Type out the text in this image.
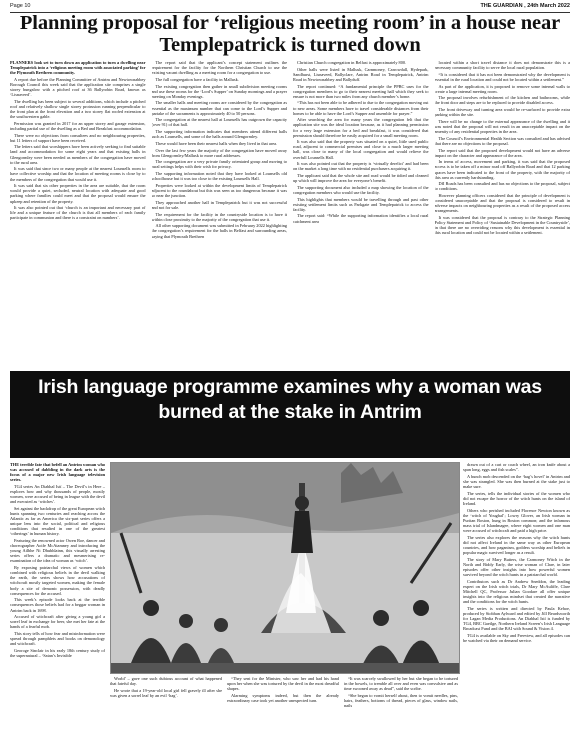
Page 10	THE GUARDIAN , 24th March 2022
Planning proposal for ‘religious meeting room’ in a house near Templepatrick is turned down

PLANNERS look set to turn down an application to turn a dwelling near Templepatrick into a ‘religious meeting room with associated parking’ for the Plymouth Brethren community.

A report due before the Planning Committee of Antrim and Newtownabbey Borough Council this week said that the application site comprises a single storey bungalow with a pitched roof at 36 Ballyrobin Road, known as ‘Lisnaveed’.

The dwelling has been subject to several additions, which include a pitched roof and relatively shallow single storey protrusion running perpendicular to the front plan at the front elevation and a two storey flat roofed extension at the southwestern gable.

Permission was granted in 2017 for an upper storey and garage extension, including partial use of the dwelling as a Bed and Breakfast accommodation.

There were no objections from consultees and no neighbouring properties, but 11 letters of support have been received.

The letters said that worshippers have been actively seeking to find suitable land and accommodation for some eight years and that existing halls in Glengormley were been needed as members of the congregation have moved to the rural area.

It was said that since two or many people at the nearest Lounsells room to have collective worship and that the location of meeting rooms is close by to the members of the congregation that would use it.

It was said that six other properties in the area are suitable, that the room would provide a quiet, secluded, neutral location with adequate and good parking where families could meet and that the proposal would ensure the upkeep and retention of the property.

It was also pointed out that ‘church is an important and necessary part of life and a unique feature of the church is that all members of each family participate in communion and there is a constraint on numbers’.

The report said that the applicant’s concept statement outlines the requirement for the facility for the Northern Christian Church to use the existing vacant dwelling as a meeting room for a congregation to use.

The full congregation have a facility in Mallusk.

The existing congregation then gather in small subdivision meeting rooms and use these rooms for the ‘Lord’s Supper’ on Sunday mornings and a prayer meeting on Monday evenings.

The smaller halls and meeting rooms are considered by the congregation as essential as the maximum number that can come to the Lord’s Supper and partake of the sacraments is approximately 40 to 50 persons.

The congregation at the nearest hall at Lounsells has outgrown the capacity (over 91) of that hall.

The supporting information indicates that members attend different halls such as Lounsells, and some of the halls around Glengormley.

These would have been their nearest halls when they lived in that area.

Over the last few years the majority of the congregation have moved away from Glengormley/Mallusk to more rural addresses.

The congregation are a very private family orientated group and moving to rural settings helps with their wish for privacy.

The supporting information noted that they have looked at Lounsells old schoolhouse but it was too close to the existing Lounsells Hall.

Properties were looked at within the development limits of Templepatrick adjacent to the roundabout but this was seen as too dangerous because it was so near the junction.

They approached another hall in Templepatrick but it was not successful and not for sale.

The requirement for the facility in the countryside location is to have it within close proximity to the majority of the congregation that use it.

All other supporting document was submitted in February 2022 highlighting the congregation’s requirement for the halls in Belfast and surrounding areas, saying that Plymouth Brethren

Christian Church congregation in Belfast is approximately 800.

Other halls were listed in Mallusk, Carnmoney, Carrowdall, Hydepark, Sandhurst, Lisnaveed, Ballyclare, Antrim Road in Templepatrick, Antrim Road in Newtownabbey and Ballyduff.

The report continued: “A fundamental principle the PPBC uses for the congregation members to go to their nearest meeting hall which they seek to ensure is not more than two miles from any church member’s home.

“This has not been able to be adhered to due to the congregation moving out to new areas. Some members have to travel considerable distances from their homes to be able to have the Lord’s Supper and assemble for prayer.”

After searching the area for many years the congregation felt that the application site was the ideal location because, as it had planning permission for a very large extension for a bed and breakfast, it was considered that permission should therefore be easily acquired for a small meeting room.

It was also said that the property was situated on a quiet, little used public road, adjacent to commercial premises and close to a much larger meeting hall, was close to many of the local congregation and would relieve the overfull Lounsells Hall.

It was also pointed out that the property is ‘virtually derelict’ and had been on the market a long time with no residential purchasers acquiring it.

The applicant said that the whole site and road would be tidied and cleaned up which will improve the area for everyone’s benefit.

The supporting document also included a map showing the location of the congregation members who would use the facility.

This highlights that members would be travelling through and past other existing settlement limits such as Parkgate and Templepatrick to access the facility.

The report said: “While the supporting information identifies a local rural catchment area

located within a short travel distance it does not demonstrate this is a necessary community facility to serve the local rural population.

“It is considered that it has not been demonstrated why the development is essential in the rural location and could not be located within a settlement.”

As part of the application, it is proposed to remove some internal walls to create a large internal meeting room.

The proposal involves refurbishment of the kitchen and bathrooms, while the front door and steps are to be replaced to provide disabled access.

The front driveway and turning area would be re-surfaced to provide extra parking within the site.

There will be no change to the external appearance of the dwelling and it was noted that the proposal will not result in an unacceptable impact on the amenity of any residential properties in the area.

The Council’s Environmental Health Section was consulted and has advised that there are no objections to the proposal.

The report said that the proposed development would not have an adverse impact on the character and appearance of the area.

In terms of access, movement and parking, it was said that the proposed access is to be taken off a minor road off Ballyrobin Road and that 12 parking spaces have been indicated to the front of the property, with the majority of this area as currently hardstanding.

DfI Roads has been consulted and has no objections to the proposal, subject to conditions.

However planning officers considered that the principle of development is considered unacceptable and that the proposal is considered to result in adverse impacts on neighbouring properties as a result of the proposed access arrangements.

It was considered that the proposal is contrary to the Strategic Planning Policy Statement and Policy of ‘Sustainable Development in the Countryside’, in that there are no overriding reasons why this development is essential in this rural location and could not be located within a settlement.

Irish language programme examines why a woman was burned at the stake in Antrim

THE terrible fate that befell an Antrim woman who was accused of dabbling in the dark arts is the focus of a major new Irish language television series.

TG4 series An Diabhal Istí – The Devil’s in Here – explores how and why thousands of people, mostly women, were accused of being in league with the devil and executed as ‘witches’.

Set against the backdrop of the great European witch hunts spanning two centuries and reaching across the Atlantic as far as America the six-part series offers a unique lens into the social, political and religious conditions that resulted in one of the greatest ‘otherings’ in human history.

Featuring the renowned actor Owen Roe, dancer and choreographer Aoife McAtamney and introducing the young Ailbhe Ni Dhubhlainn, this visually arresting series offers a dramatic and mesmerising re-examination of the idea of woman as ‘witch’.

By exposing patriarchal views of women which combined with religious beliefs in the devil walking the earth, the series shows how accusations of witchcraft mostly targeted women, making the female body a site of demonic possession, with deadly consequences for the accused.

This week’s episode looks back at the terrible consequences those beliefs had for a beggar woman in Antrim back in 1698.

Accused of witchcraft after giving a young girl a sorrel leaf in exchange for beer, she met her fate at the hands of a fearful mob.

This story tells of how fear and misinformation were spread through pamphlets and books on demonology and witchcraft.

Georoge Sinclair in his early 18th century study of the supernatural – ‘Satan’s Invisible

World’ – gave one such dubious account of what happened that fateful day.

He wrote that a 19-year-old local girl fell gravely ill after she was given a sorrel leaf by an evil ‘hag’.

“They sent for the Minister, who saw her and had his hand upon her when she was tortured by the devil in the most dreadful shapes.

Alarming symptoms indeed, but then the already extraordinary case took yet another unexpected turn.

“It was scarcely swallowed by her but she began to be tortured in the bowels, to tremble all over and even was convulsive and as time swooned away as dead”, said the scribe.

“She began to vomit herself about, then to vomit needles, pins, hairs, feathers, bottoms of thread, pieces of glass, window nails, nails

drawn out of a cart or coach wheel, an iron knife about a span long, eggs and fish scales”.

A bunch mob descended on the ‘hag’s hovel’ in Antrim and she was strangled. She was then burned at the stake just to make sure.

The series, tells the individual stories of the women who did not escape the horror of the witch hunts on the island of Ireland.

Others who perished included Florence Newton known as the ‘witch of Youghal’; Lowry Glover, an Irish woman in Puritan Boston, hung in Boston common; and the infamous mass trial of Islandmagee, where eight women and one man were accused of witchcraft and paid a high price.

The series also explores the reasons why the witch hunts did not affect Ireland in the same way as other European countries, and how paganism, goddess worship and beliefs in popular magic survived longer as a result.

The story of Mary Butters, the Carmoney Witch in the North and Biddy Early, the wise woman of Clare, in later episodes offer other insights into how powerful women survived beyond the witch hunts in a patriarchal world.

Contributors such as Dr Andrew Sneddon, the leading expert on the Irish witch trials, Dr Mary McAuliffe, Clare Mitchell QC, Professor Julian Goodare all offer unique insights into the religious mindset that created the narrative and the conditions for the witch hunts.

The series is written and directed by Paula Kehoe, produced by Siobhan Aylward and edited by Jill Beardsworth for Lagan Media Productions. An Diabhal Istí is funded by TG4, BBC Gaeilge, Northern Ireland Screen’s Irish Language Broadcast Fund and the BAI with Sound & Vision 4.

TG4 is available on Sky and Freeview, and all episodes can be watched via their on demand service.
